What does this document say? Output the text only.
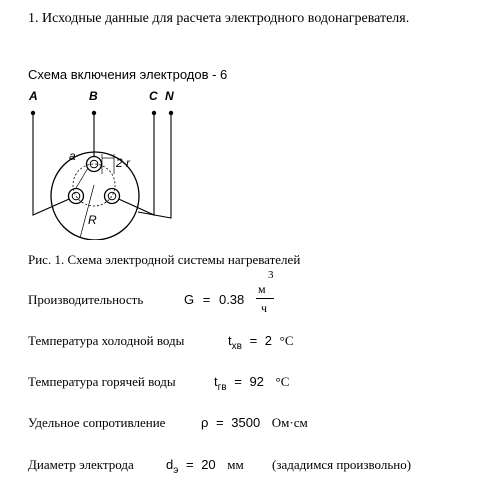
1. Исходные данные для расчета электродного водонагревателя.
Схема включения электродов - 6
A	B	C N
a	2 r
R
Рис. 1. Схема электродной системы нагревателей
Производительность	G = 0.38
3
м
ч
Температура холодной воды	$t_{хв} = 2$ °C
Температура горячей воды	$t_{гв} = 92$ °C
Удельное сопротивление	ρ = 3500 Ом·см
Диаметр электрода $d_э = 20$ мм (зададимся произвольно)
